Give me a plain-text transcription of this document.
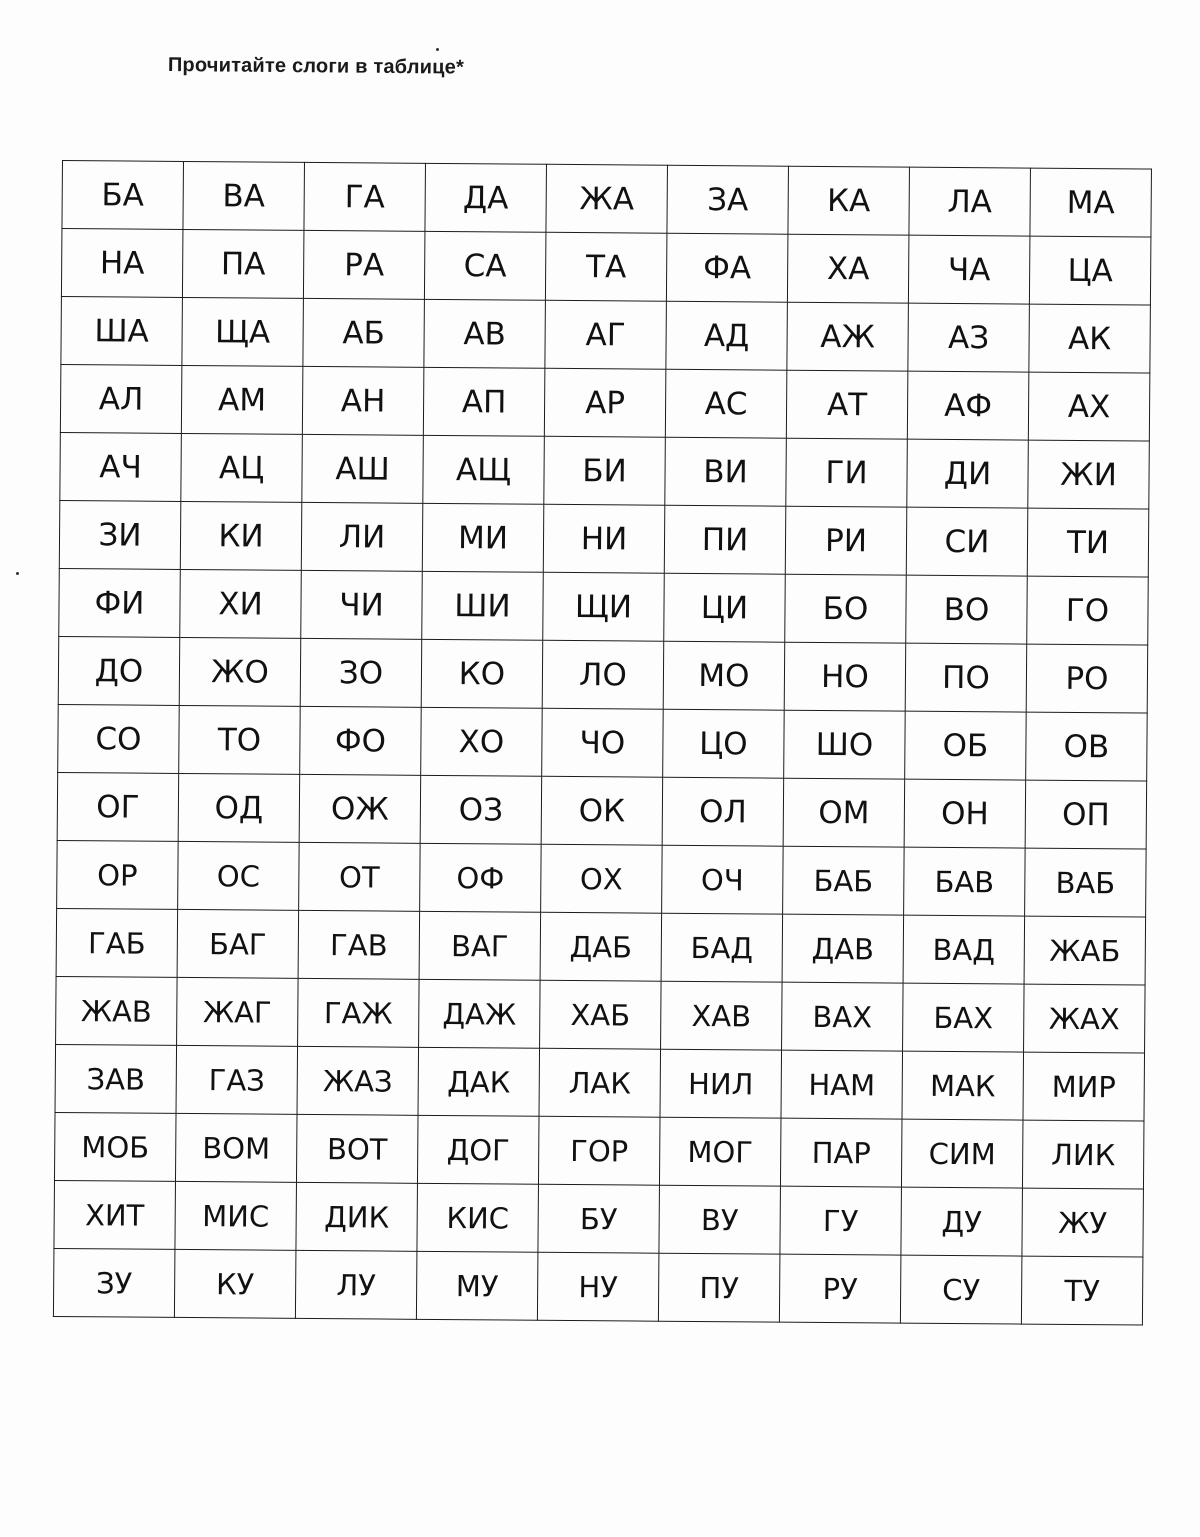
Прочитайте слоги в таблице*
БА	ВА	ГА	ДА	ЖА	ЗА	КА	ЛА	МА
НА	ПА	РА	СА	ТА	ФА	ХА	ЧА	ЦА
ША	ЩА	АБ	АВ	АГ	АД	АЖ	АЗ	АК
АЛ	АМ	АН	АП	АР	АС	АТ	АФ	АХ
АЧ	АЦ	АШ	АЩ	БИ	ВИ	ГИ	ДИ	ЖИ
ЗИ	КИ	ЛИ	МИ	НИ	ПИ	РИ	СИ	ТИ
ФИ	ХИ	ЧИ	ШИ	ЩИ	ЦИ	БО	ВО	ГО
ДО	ЖО	ЗО	КО	ЛО	МО	НО	ПО	РО
СО	ТО	ФО	ХО	ЧО	ЦО	ШО	ОБ	ОВ
ОГ	ОД	ОЖ	ОЗ	ОК	ОЛ	ОМ	ОН	ОП
ОР	ОС	ОТ	ОФ	ОХ	ОЧ	БАБ	БАВ	ВАБ
ГАБ	БАГ	ГАВ	ВАГ	ДАБ	БАД	ДАВ	ВАД	ЖАБ
ЖАВ	ЖАГ	ГАЖ	ДАЖ	ХАБ	ХАВ	ВАХ	БАХ	ЖАХ
ЗАВ	ГАЗ	ЖАЗ	ДАК	ЛАК	НИЛ	НАМ	МАК	МИР
МОБ	ВОМ	ВОТ	ДОГ	ГОР	МОГ	ПАР	СИМ	ЛИК
ХИТ	МИС	ДИК	КИС	БУ	ВУ	ГУ	ДУ	ЖУ
ЗУ	КУ	ЛУ	МУ	НУ	ПУ	РУ	СУ	ТУ
